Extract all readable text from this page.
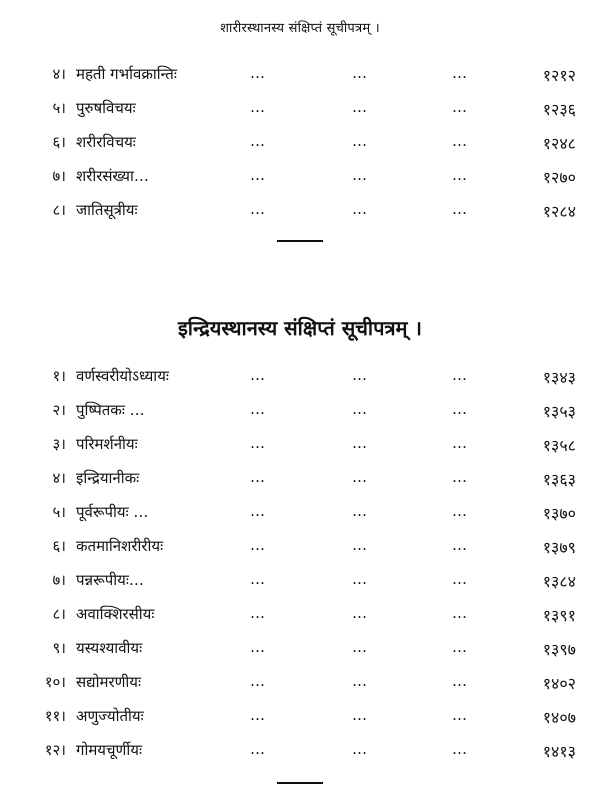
शारीरस्थानस्य संक्षिप्तं सूचीपत्रम् ।
४। महती गर्भावक्रान्तिः	…	…	…	१२१२
५। पुरुषविचयः	…	…	…	१२३६
६। शरीरविचयः	…	…	…	१२४८
७। शरीरसंख्या…	…	…	…	१२७०
८। जातिसूत्रीयः	…	…	…	१२८४
इन्द्रियस्थानस्य संक्षिप्तं सूचीपत्रम् ।
१। वर्णस्वरीयोऽध्यायः	…	…	…	१३४३
२। पुष्पितकः …	…	…	…	१३५३
३। परिमर्शनीयः	…	…	…	१३५८
४। इन्द्रियानीकः	…	…	…	१३६३
५। पूर्वरूपीयः …	…	…	…	१३७०
६। कतमानिशरीरीयः	…	…	…	१३७९
७। पन्नरूपीयः…	…	…	…	१३८४
८। अवाक्शिरसीयः	…	…	…	१३९१
९। यस्यश्यावीयः	…	…	…	१३९७
१०। सद्योमरणीयः	…	…	…	१४०२
११। अणुज्योतीयः	…	…	…	१४०७
१२। गोमयचूर्णीयः	…	…	…	१४१३
